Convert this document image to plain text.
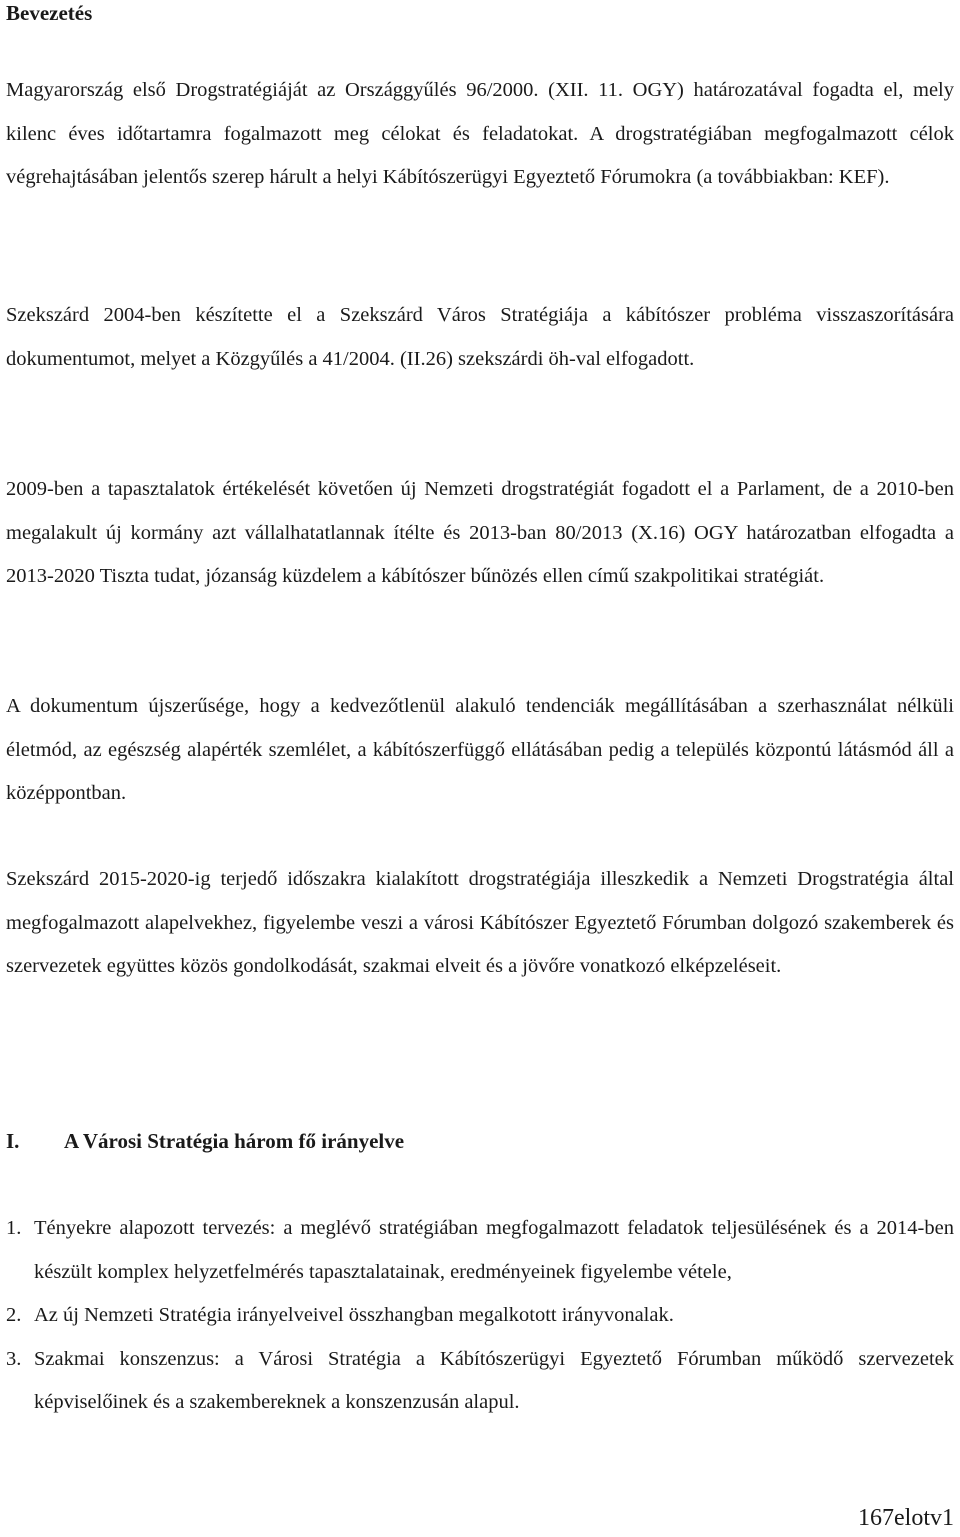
Bevezetés

Magyarország első Drogstratégiáját az Országgyűlés 96/2000. (XII. 11. OGY) határozatával fogadta el, mely kilenc éves időtartamra fogalmazott meg célokat és feladatokat. A drogstratégiában megfogalmazott célok végrehajtásában jelentős szerep hárult a helyi Kábítószerügyi Egyeztető Fórumokra (a továbbiakban: KEF).

Szekszárd 2004-ben készítette el a Szekszárd Város Stratégiája a kábítószer probléma visszaszorítására dokumentumot, melyet a Közgyűlés a 41/2004. (II.26) szekszárdi öh-val elfogadott.

2009-ben a tapasztalatok értékelését követően új Nemzeti drogstratégiát fogadott el a Parlament, de a 2010-ben megalakult új kormány azt vállalhatatlannak ítélte és 2013-ban 80/2013 (X.16) OGY határozatban elfogadta a 2013-2020 Tiszta tudat, józanság küzdelem a kábítószer bűnözés ellen című szakpolitikai stratégiát.

A dokumentum újszerűsége, hogy a kedvezőtlenül alakuló tendenciák megállításában a szerhasználat nélküli életmód, az egészség alapérték szemlélet, a kábítószerfüggő ellátásában pedig a település központú látásmód áll a középpontban.

Szekszárd 2015-2020-ig terjedő időszakra kialakított drogstratégiája illeszkedik a Nemzeti Drogstratégia által megfogalmazott alapelvekhez, figyelembe veszi a városi Kábítószer Egyeztető Fórumban dolgozó szakemberek és szervezetek együttes közös gondolkodását, szakmai elveit és a jövőre vonatkozó elképzeléseit.

I.	A Városi Stratégia három fő irányelve
1. Tényekre alapozott tervezés: a meglévő stratégiában megfogalmazott feladatok teljesülésének és a 2014-ben készült komplex helyzetfelmérés tapasztalatainak, eredményeinek figyelembe vétele,
2. Az új Nemzeti Stratégia irányelveivel összhangban megalkotott irányvonalak.
3. Szakmai konszenzus: a Városi Stratégia a Kábítószerügyi Egyeztető Fórumban működő szervezetek képviselőinek és a szakembereknek a konszenzusán alapul.
167elotv1
